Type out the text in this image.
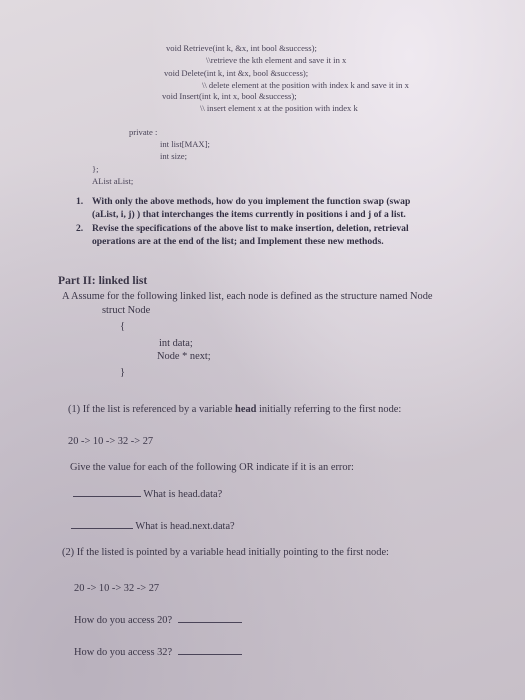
void Retrieve(int k, &x, int bool &success);
\\retrieve the kth element and save it in x
void Delete(int k, int &x, bool &success);
\\ delete element at the position with index k and save it in x
void Insert(int k, int x, bool &success);
\\ insert element x at the position with index k
private :
int list[MAX];
int size;
};
AList aList;
1. With only the above methods, how do you implement the function swap (swap
(aList, i, j) ) that interchanges the items currently in positions i and j of a list.
2. Revise the specifications of the above list to make insertion, deletion, retrieval
operations are at the end of the list; and Implement these new methods.
Part II: linked list
A Assume for the following linked list, each node is defined as the structure named Node
struct Node
{
int data;
Node * next;
}
(1) If the list is referenced by a variable head initially referring to the first node:
20 -> 10 -> 32 -> 27
Give the value for each of the following OR indicate if it is an error:
What is head.data?
What is head.next.data?
(2) If the listed is pointed by a variable head initially pointing to the first node:
20 -> 10 -> 32 -> 27
How do you access 20?
How do you access 32?
